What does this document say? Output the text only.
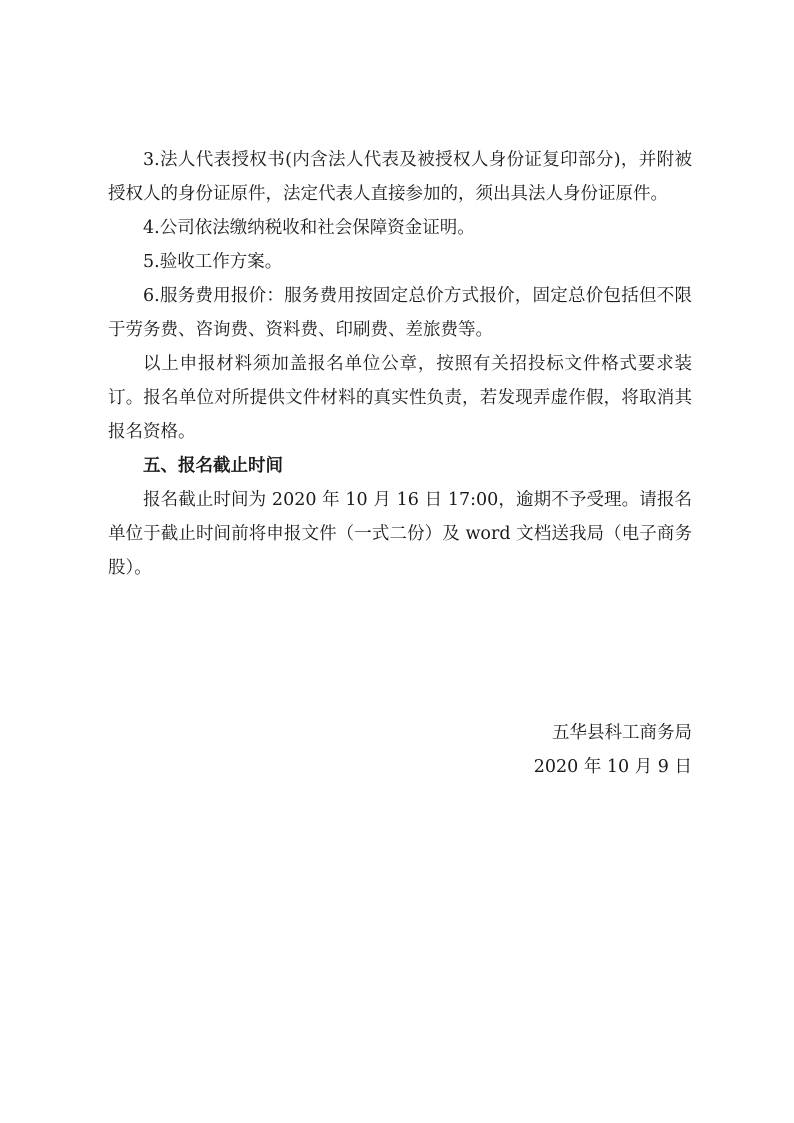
3.法人代表授权书(内含法人代表及被授权人身份证复印部分)，并附被授权人的身份证原件，法定代表人直接参加的，须出具法人身份证原件。

4.公司依法缴纳税收和社会保障资金证明。

5.验收工作方案。

6.服务费用报价：服务费用按固定总价方式报价，固定总价包括但不限于劳务费、咨询费、资料费、印刷费、差旅费等。

以上申报材料须加盖报名单位公章，按照有关招投标文件格式要求装订。报名单位对所提供文件材料的真实性负责，若发现弄虚作假，将取消其报名资格。

五、报名截止时间

报名截止时间为 2020 年 10 月 16 日 17:00，逾期不予受理。请报名单位于截止时间前将申报文件（一式二份）及 word 文档送我局（电子商务股）。

五华县科工商务局
2020 年 10 月 9 日
